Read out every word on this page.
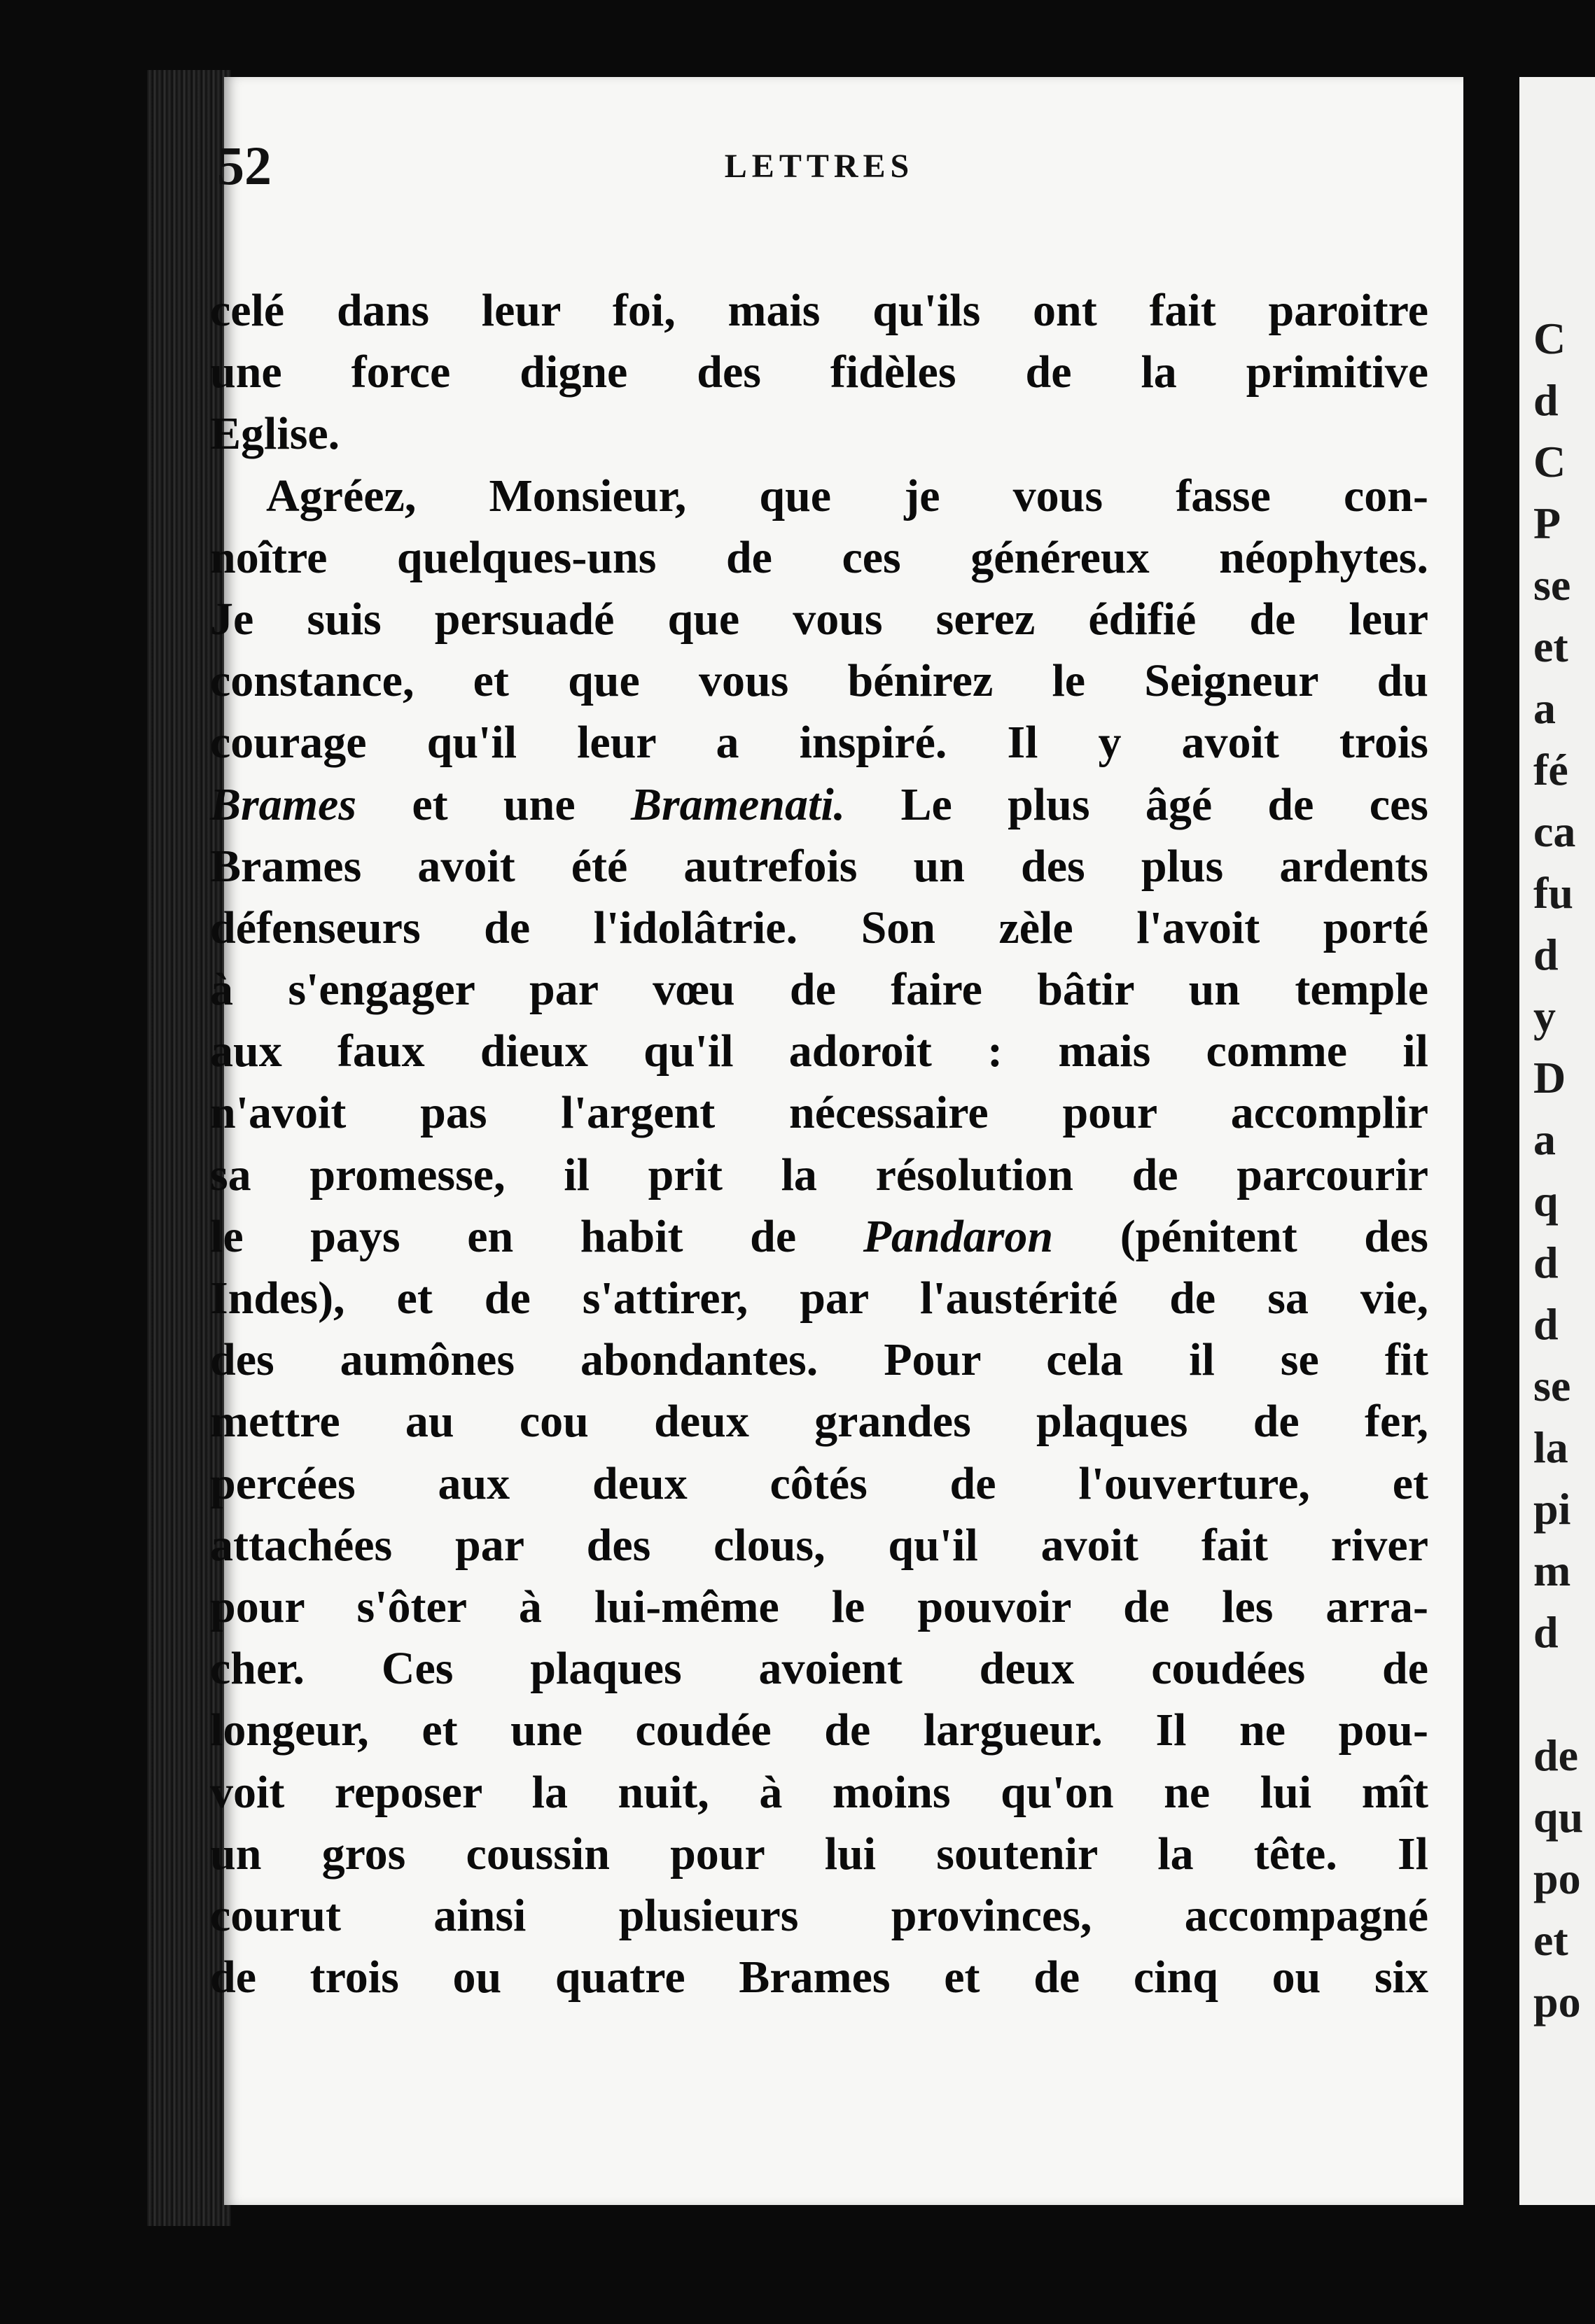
52	LETTRES
celé dans leur foi, mais qu'ils ont fait paroitre
une force digne des fidèles de la primitive
Eglise.
Agréez, Monsieur, que je vous fasse con-
noître quelques-uns de ces généreux néophytes.
Je suis persuadé que vous serez édifié de leur
constance, et que vous bénirez le Seigneur du
courage qu'il leur a inspiré. Il y avoit trois
Brames et une Bramenati. Le plus âgé de ces
Brames avoit été autrefois un des plus ardents
défenseurs de l'idolâtrie. Son zèle l'avoit porté
à s'engager par vœu de faire bâtir un temple
aux faux dieux qu'il adoroit : mais comme il
n'avoit pas l'argent nécessaire pour accomplir
sa promesse, il prit la résolution de parcourir
le pays en habit de Pandaron (pénitent des
Indes), et de s'attirer, par l'austérité de sa vie,
des aumônes abondantes. Pour cela il se fit
mettre au cou deux grandes plaques de fer,
percées aux deux côtés de l'ouverture, et
attachées par des clous, qu'il avoit fait river
pour s'ôter à lui-même le pouvoir de les arra-
cher. Ces plaques avoient deux coudées de
longeur, et une coudée de largueur. Il ne pou-
voit reposer la nuit, à moins qu'on ne lui mît
un gros coussin pour lui soutenir la tête. Il
courut ainsi plusieurs provinces, accompagné
de trois ou quatre Brames et de cinq ou six
C
d
C
P
se
et
a
fé
ca
fu
d
y
D
a
q
d
d
se
la
pi
m
d
de
qu
po
et
po
